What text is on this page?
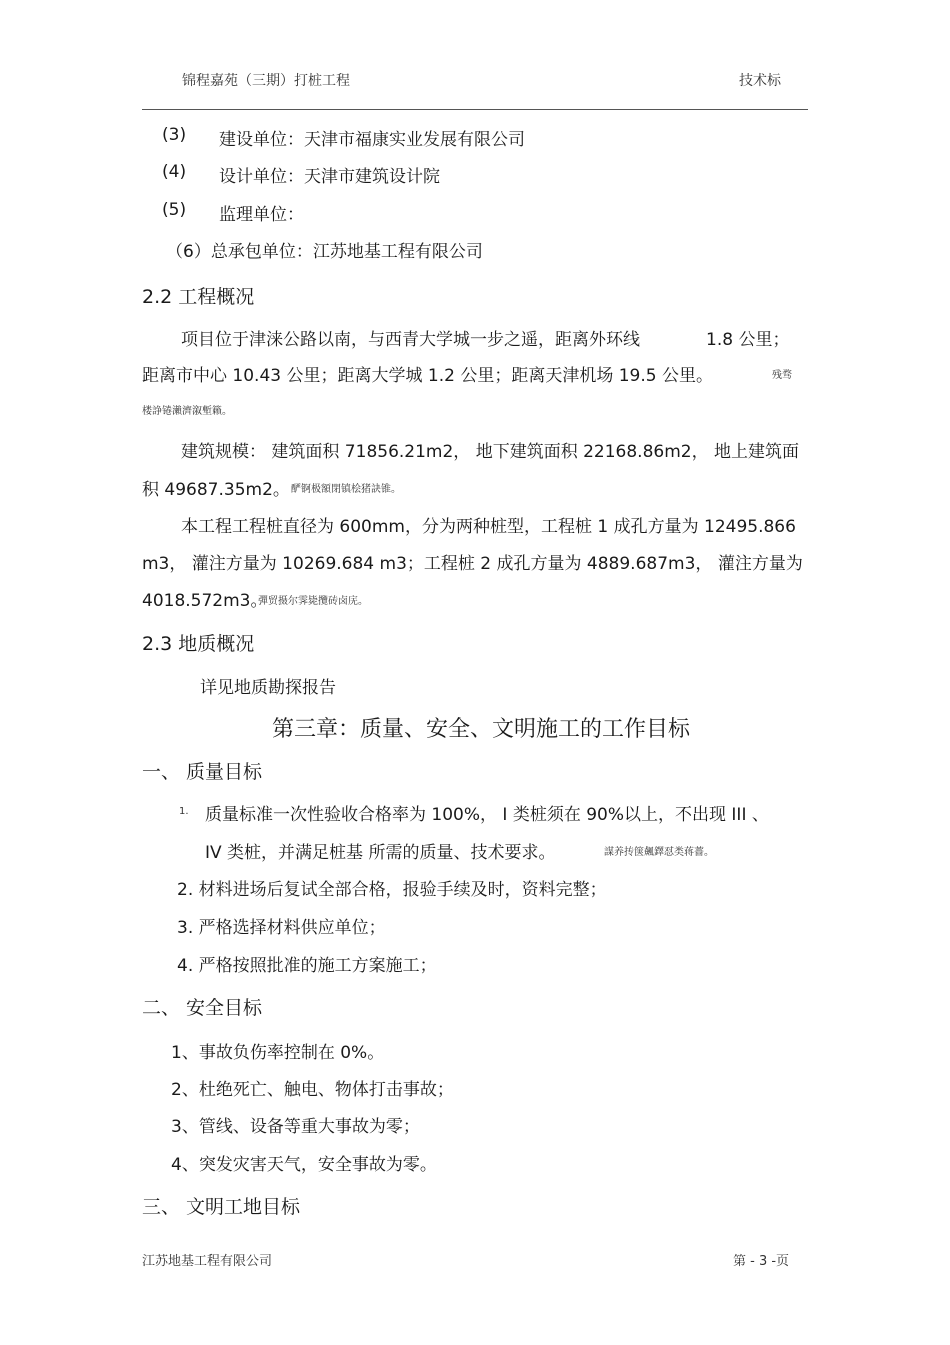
锦程嘉苑（三期）打桩工程	技术标
(3) 建设单位：天津市福康实业发展有限公司
(4) 设计单位：天津市建筑设计院
(5) 监理单位：
（6）总承包单位：江苏地基工程有限公司
2.2 工程概况
项目位于津涞公路以南，与西青大学城一步之遥，距离外环线	1.8 公里；
距离市中心 10.43 公里；距离大学城 1.2 公里；距离天津机场 19.5 公里。	残骛
楼諍锩瀨濟溆塹籟。
建筑规模： 建筑面积 71856.21m2， 地下建筑面积 22168.86m2， 地上建筑面
积 49687.35m2。 酽锕极額閉镇桧猪訣锥。
本工程工程桩直径为 600mm，分为两种桩型，工程桩 1 成孔方量为 12495.866
m3， 灌注方量为 10269.684 m3；工程桩 2 成孔方量为 4889.687m3， 灌注方量为
4018.572m3。
彈贸摄尔霁毙攬砖卤庑。
2.3 地质概况
详见地质勘探报告
第三章：质量、安全、文明施工的工作目标
一、 质量目标
1. 质量标准一次性验收合格率为 100%， I 类桩须在 90%以上，不出现 III 、
IV 类桩，并满足桩基 所需的质量、技术要求。	謀养抟箧飆鐸怼类蒋薔。
2. 材料进场后复试全部合格，报验手续及时，资料完整；
3. 严格选择材料供应单位；
4. 严格按照批准的施工方案施工；
二、 安全目标
1、事故负伤率控制在 0%。
2、杜绝死亡、触电、物体打击事故；
3、管线、设备等重大事故为零；
4、突发灾害天气，安全事故为零。
三、 文明工地目标
江苏地基工程有限公司	第 - 3 -页
